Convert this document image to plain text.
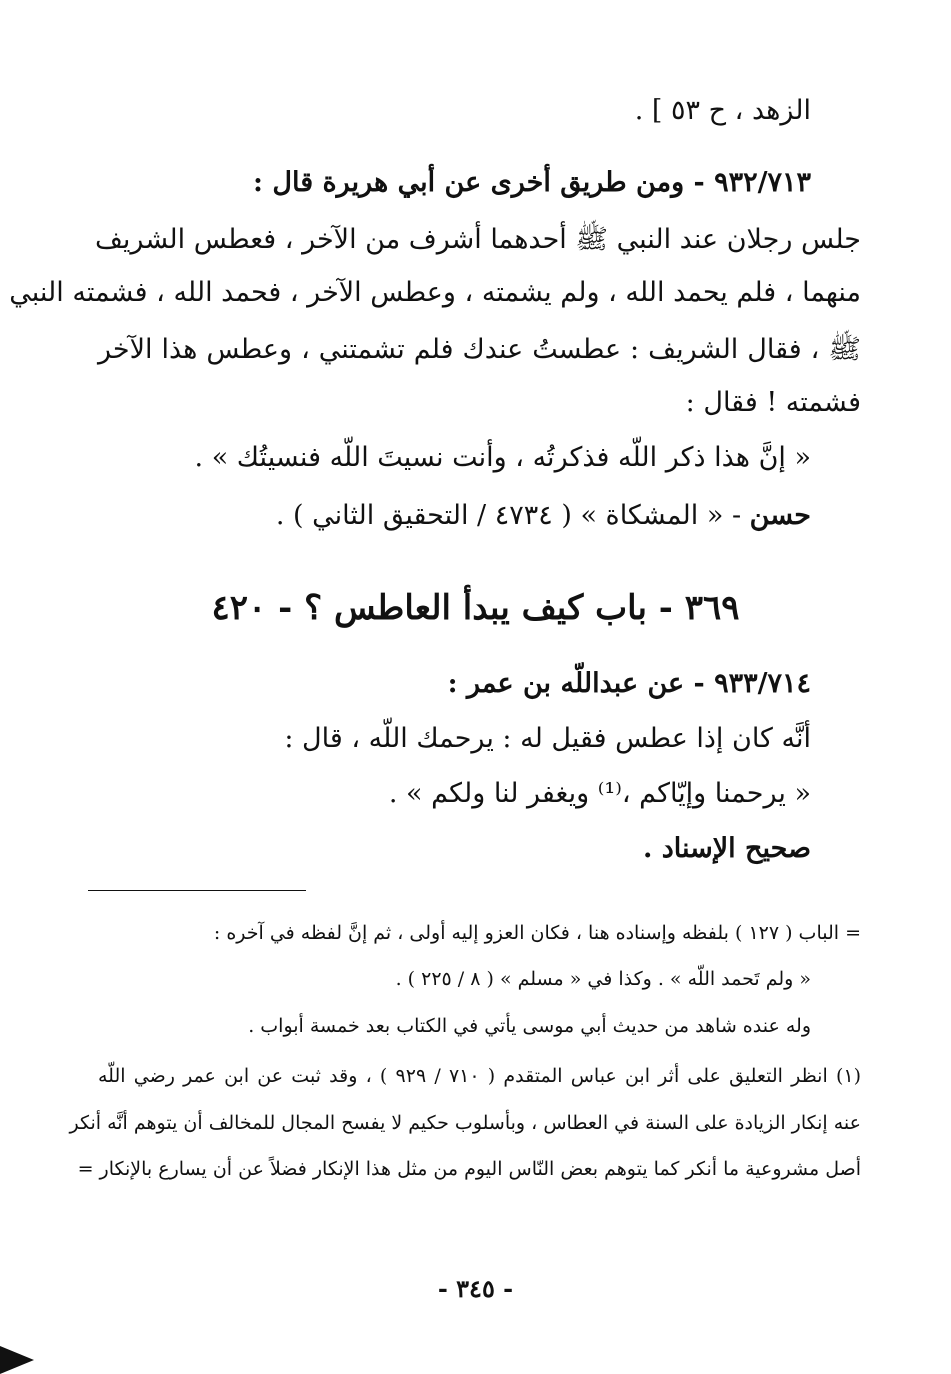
الزهد ، ح ٥٣ ] .
٩٣٢/٧١٣ - ومن طريق أخرى عن أبي هريرة قال :
جلس رجلان عند النبي ﷺ أحدهما أشرف من الآخر ، فعطس الشريف
منهما ، فلم يحمد الله ، ولم يشمته ، وعطس الآخر ، فحمد الله ، فشمته النبي
ﷺ ، فقال الشريف : عطستُ عندك فلم تشمتني ، وعطس هذا الآخر
فشمته ! فقال :
« إنَّ هذا ذكر اللّه فذكرتُه ، وأنت نسيتَ اللّه فنسيتُك » .
حسن - « المشكاة » ( ٤٧٣٤ / التحقيق الثاني ) .
٣٦٩ - باب كيف يبدأ العاطس ؟ - ٤٢٠
٩٣٣/٧١٤ - عن عبداللّه بن عمر :
أنَّه كان إذا عطس فقيل له : يرحمك اللّه ، قال :
« يرحمنا وإيّاكم ،⁽¹⁾ ويغفر لنا ولكم » .
صحيح الإسناد .
= الباب ( ١٢٧ ) بلفظه وإسناده هنا ، فكان العزو إليه أولى ، ثم إنَّ لفظه في آخره :
« ولم تَحمد اللّه » . وكذا في « مسلم » ( ٨ / ٢٢٥ ) .
وله عنده شاهد من حديث أبي موسى يأتي في الكتاب بعد خمسة أبواب .
(١) انظر التعليق على أثر ابن عباس المتقدم ( ٧١٠ / ٩٢٩ ) ، وقد ثبت عن ابن عمر رضي اللّه
عنه إنكار الزيادة على السنة في العطاس ، وبأسلوب حكيم لا يفسح المجال للمخالف أن يتوهم أنَّه أنكر
أصل مشروعية ما أنكر كما يتوهم بعض النّاس اليوم من مثل هذا الإنكار فضلاً عن أن يسارع بالإنكار =
- ٣٤٥ -
